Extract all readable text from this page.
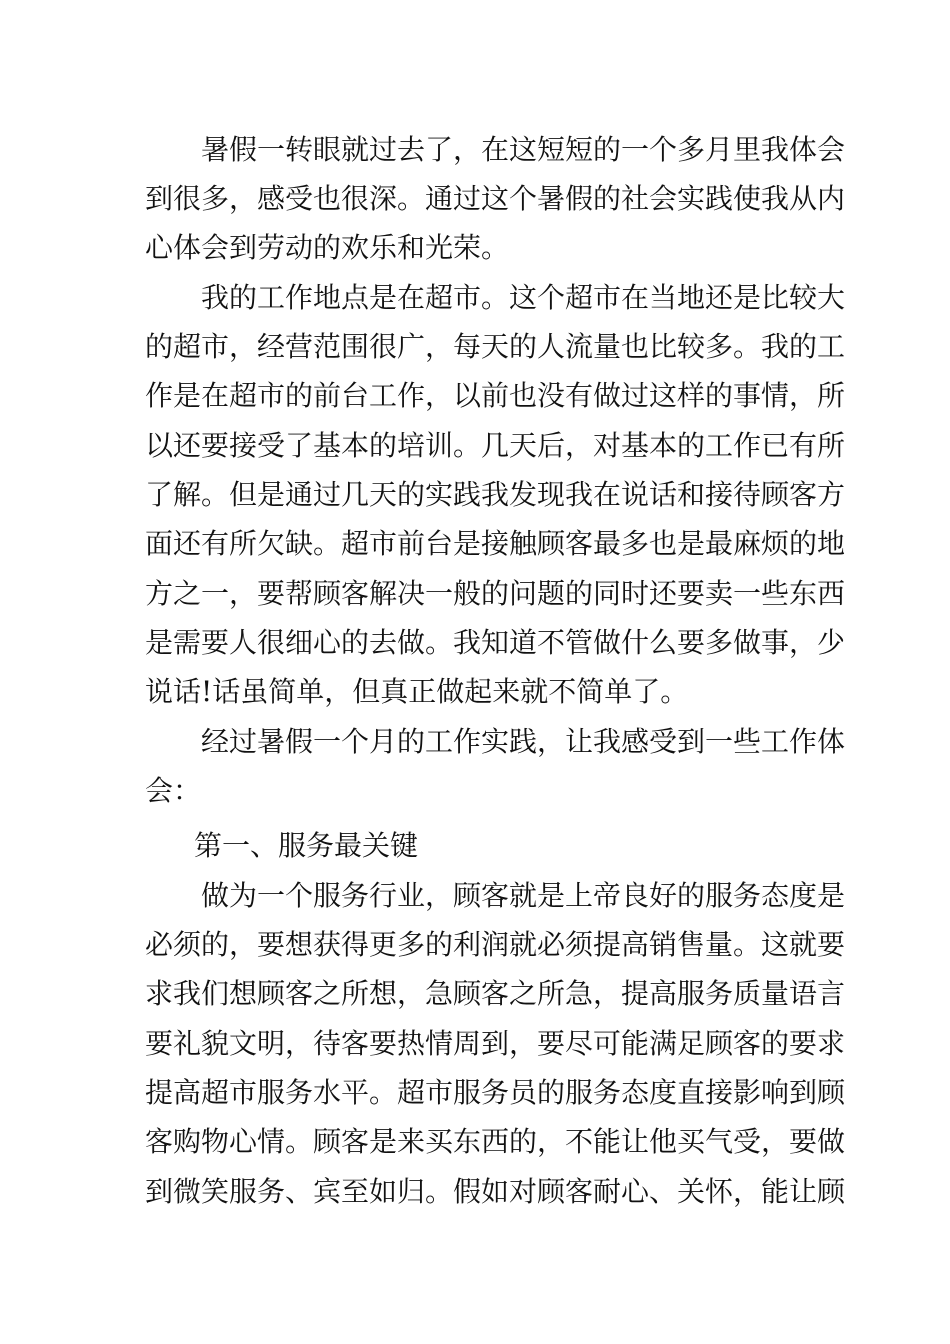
暑假一转眼就过去了，在这短短的一个多月里我体会
到很多，感受也很深。通过这个暑假的社会实践使我从内
心体会到劳动的欢乐和光荣。
我的工作地点是在超市。这个超市在当地还是比较大
的超市，经营范围很广，每天的人流量也比较多。我的工
作是在超市的前台工作，以前也没有做过这样的事情，所
以还要接受了基本的培训。几天后，对基本的工作已有所
了解。但是通过几天的实践我发现我在说话和接待顾客方
面还有所欠缺。超市前台是接触顾客最多也是最麻烦的地
方之一，要帮顾客解决一般的问题的同时还要卖一些东西
是需要人很细心的去做。我知道不管做什么要多做事，少
说话!话虽简单，但真正做起来就不简单了。
经过暑假一个月的工作实践，让我感受到一些工作体
会：
第一、服务最关键
做为一个服务行业，顾客就是上帝良好的服务态度是
必须的，要想获得更多的利润就必须提高销售量。这就要
求我们想顾客之所想，急顾客之所急，提高服务质量语言
要礼貌文明，待客要热情周到，要尽可能满足顾客的要求
提高超市服务水平。超市服务员的服务态度直接影响到顾
客购物心情。顾客是来买东西的，不能让他买气受，要做
到微笑服务、宾至如归。假如对顾客耐心、关怀，能让顾
